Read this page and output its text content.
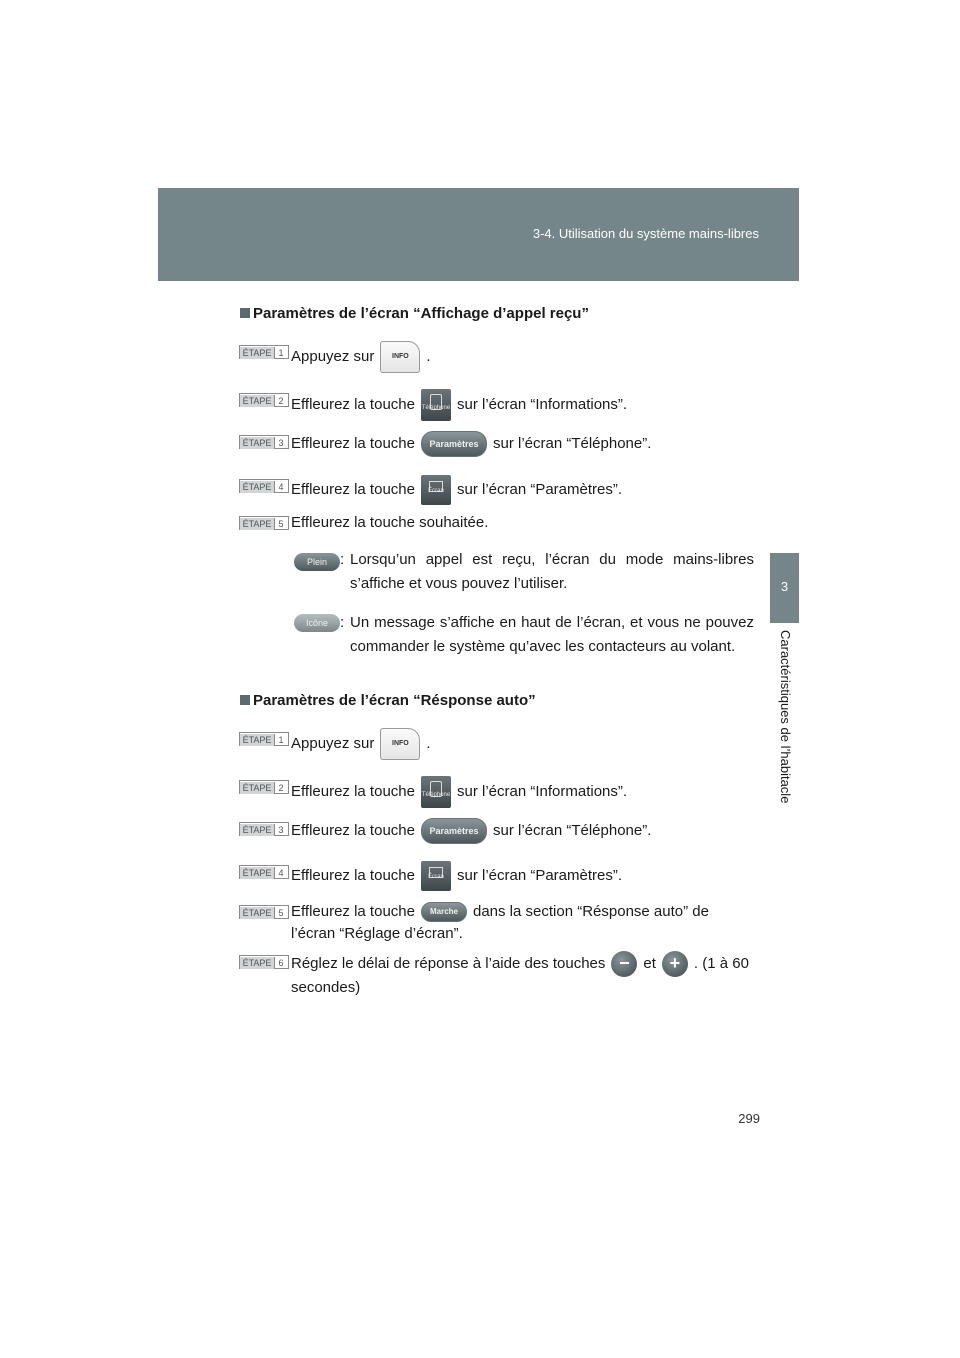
3-4. Utilisation du système mains-libres
3
Caractéristiques de l’habitacle
Paramètres de l’écran “Affichage d’appel reçu”
ÉTAPE 1 Appuyez sur	INFO .
ÉTAPE 2 Effleurez la touche Téléphone sur l’écran “Informations”.
ÉTAPE 3 Effleurez la touche Paramètres sur l’écran “Téléphone”.
ÉTAPE 4 Effleurez la touche	Écran sur l’écran “Paramètres”.
ÉTAPE 5 Effleurez la touche souhaitée.
Plein : Lorsqu’un appel est reçu, l’écran du mode mains-libres s’affiche et vous pouvez l’utiliser.
Icône : Un message s’affiche en haut de l’écran, et vous ne pouvez commander le système qu’avec les contacteurs au volant.
Paramètres de l’écran “Résponse auto”
ÉTAPE 1 Appuyez sur	INFO .
ÉTAPE 2 Effleurez la touche Téléphone sur l’écran “Informations”.
ÉTAPE 3 Effleurez la touche Paramètres sur l’écran “Téléphone”.
ÉTAPE 4 Effleurez la touche	Écran sur l’écran “Paramètres”.
ÉTAPE 5 Effleurez la touche Marche dans la section “Résponse auto” de l’écran “Réglage d’écran”.
ÉTAPE 6 Réglez le délai de réponse à l’aide des touches − et + . (1 à 60 secondes)
299
